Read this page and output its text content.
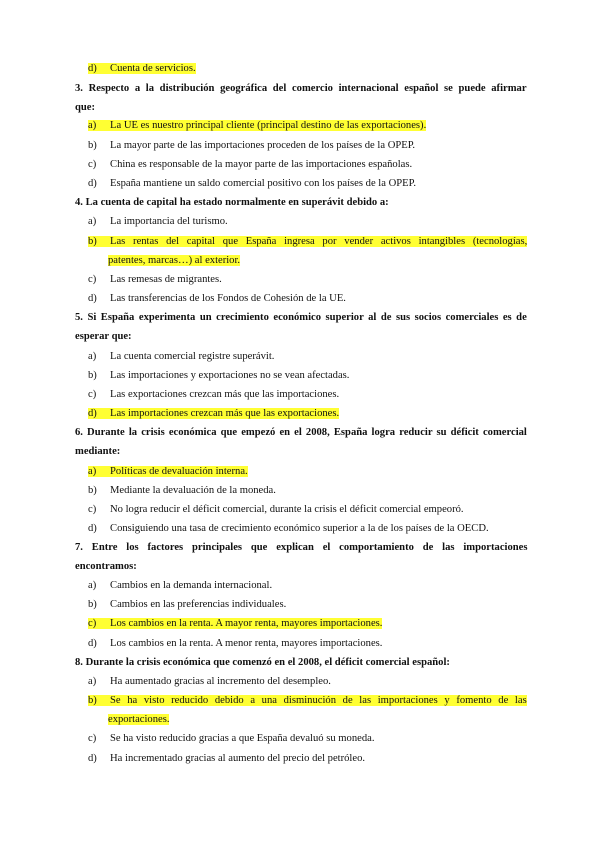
d) Cuenta de servicios.
3. Respecto a la distribución geográfica del comercio internacional español se puede afirmar
que:
a) La UE es nuestro principal cliente (principal destino de las exportaciones).
b) La mayor parte de las importaciones proceden de los países de la OPEP.
c) China es responsable de la mayor parte de las importaciones españolas.
d) España mantiene un saldo comercial positivo con los países de la OPEP.
4. La cuenta de capital ha estado normalmente en superávit debido a:
a) La importancia del turismo.
b) Las rentas del capital que España ingresa por vender activos intangibles (tecnologías,
patentes, marcas…) al exterior.
c) Las remesas de migrantes.
d) Las transferencias de los Fondos de Cohesión de la UE.
5. Si España experimenta un crecimiento económico superior al de sus socios comerciales es de
esperar que:
a) La cuenta comercial registre superávit.
b) Las importaciones y exportaciones no se vean afectadas.
c) Las exportaciones crezcan más que las importaciones.
d) Las importaciones crezcan más que las exportaciones.
6. Durante la crisis económica que empezó en el 2008, España logra reducir su déficit comercial
mediante:
a) Políticas de devaluación interna.
b) Mediante la devaluación de la moneda.
c) No logra reducir el déficit comercial, durante la crisis el déficit comercial empeoró.
d) Consiguiendo una tasa de crecimiento económico superior a la de los países de la OECD.
7. Entre los factores principales que explican el comportamiento de las importaciones
encontramos:
a) Cambios en la demanda internacional.
b) Cambios en las preferencias individuales.
c) Los cambios en la renta. A mayor renta, mayores importaciones.
d) Los cambios en la renta. A menor renta, mayores importaciones.
8. Durante la crisis económica que comenzó en el 2008, el déficit comercial español:
a) Ha aumentado gracias al incremento del desempleo.
b) Se ha visto reducido debido a una disminución de las importaciones y fomento de las
exportaciones.
c) Se ha visto reducido gracias a que España devaluó su moneda.
d) Ha incrementado gracias al aumento del precio del petróleo.
